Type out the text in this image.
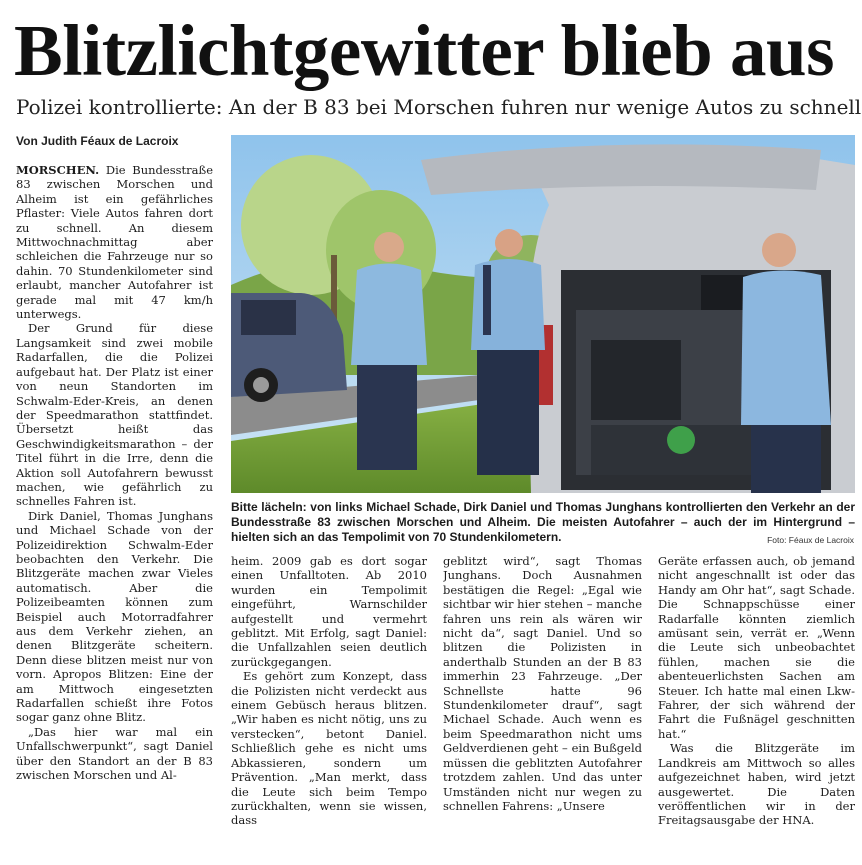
Blitzlichtgewitter blieb aus
Polizei kontrollierte: An der B 83 bei Morschen fuhren nur wenige Autos zu schnell
Von Judith Féaux de Lacroix

MORSCHEN. Die Bundesstraße 83 zwischen Morschen und Alheim ist ein gefährliches Pflaster: Viele Autos fahren dort zu schnell. An diesem Mittwochnachmittag aber schleichen die Fahrzeuge nur so dahin. 70 Stundenkilometer sind erlaubt, mancher Autofahrer ist gerade mal mit 47 km/h unterwegs.

Der Grund für diese Langsamkeit sind zwei mobile Radarfallen, die die Polizei aufgebaut hat. Der Platz ist einer von neun Standorten im Schwalm-Eder-Kreis, an denen der Speedmarathon stattfindet. Übersetzt heißt das Geschwindigkeitsmarathon – der Titel führt in die Irre, denn die Aktion soll Autofahrern bewusst machen, wie gefährlich zu schnelles Fahren ist.

Dirk Daniel, Thomas Junghans und Michael Schade von der Polizeidirektion Schwalm-Eder beobachten den Verkehr. Die Blitzgeräte machen zwar Vieles automatisch. Aber die Polizeibeamten können zum Beispiel auch Motorradfahrer aus dem Verkehr ziehen, an denen Blitzgeräte scheitern. Denn diese blitzen meist nur von vorn. Apropos Blitzen: Eine der am Mittwoch eingesetzten Radarfallen schießt ihre Fotos sogar ganz ohne Blitz.

„Das hier war mal ein Unfallschwerpunkt“, sagt Daniel über den Standort an der B 83 zwischen Morschen und Al-

Bitte lächeln: von links Michael Schade, Dirk Daniel und Thomas Junghans kontrollierten den Verkehr an der Bundesstraße 83 zwischen Morschen und Alheim. Die meisten Autofahrer – auch der im Hintergrund – hielten sich an das Tempolimit von 70 Stundenkilometern.	Foto: Féaux de Lacroix

heim. 2009 gab es dort sogar einen Unfalltoten. Ab 2010 wurden ein Tempolimit eingeführt, Warnschilder aufgestellt und vermehrt geblitzt. Mit Erfolg, sagt Daniel: die Unfallzahlen seien deutlich zurückgegangen.

Es gehört zum Konzept, dass die Polizisten nicht verdeckt aus einem Gebüsch heraus blitzen. „Wir haben es nicht nötig, uns zu verstecken“, betont Daniel. Schließlich gehe es nicht ums Abkassieren, sondern um Prävention. „Man merkt, dass die Leute sich beim Tempo zurückhalten, wenn sie wissen, dass

geblitzt wird“, sagt Thomas Junghans. Doch Ausnahmen bestätigen die Regel: „Egal wie sichtbar wir hier stehen – manche fahren uns rein als wären wir nicht da“, sagt Daniel. Und so blitzen die Polizisten in anderthalb Stunden an der B 83 immerhin 23 Fahrzeuge. „Der Schnellste hatte 96 Stundenkilometer drauf“, sagt Michael Schade. Auch wenn es beim Speedmarathon nicht ums Geldverdienen geht – ein Bußgeld müssen die geblitzten Autofahrer trotzdem zahlen. Und das unter Umständen nicht nur wegen zu schnellen Fahrens: „Unsere

Geräte erfassen auch, ob jemand nicht angeschnallt ist oder das Handy am Ohr hat“, sagt Schade. Die Schnappschüsse einer Radarfalle könnten ziemlich amüsant sein, verrät er. „Wenn die Leute sich unbeobachtet fühlen, machen sie die abenteuerlichsten Sachen am Steuer. Ich hatte mal einen Lkw-Fahrer, der sich während der Fahrt die Fußnägel geschnitten hat.“

Was die Blitzgeräte im Landkreis am Mittwoch so alles aufgezeichnet haben, wird jetzt ausgewertet. Die Daten veröffentlichen wir in der Freitagsausgabe der HNA.
